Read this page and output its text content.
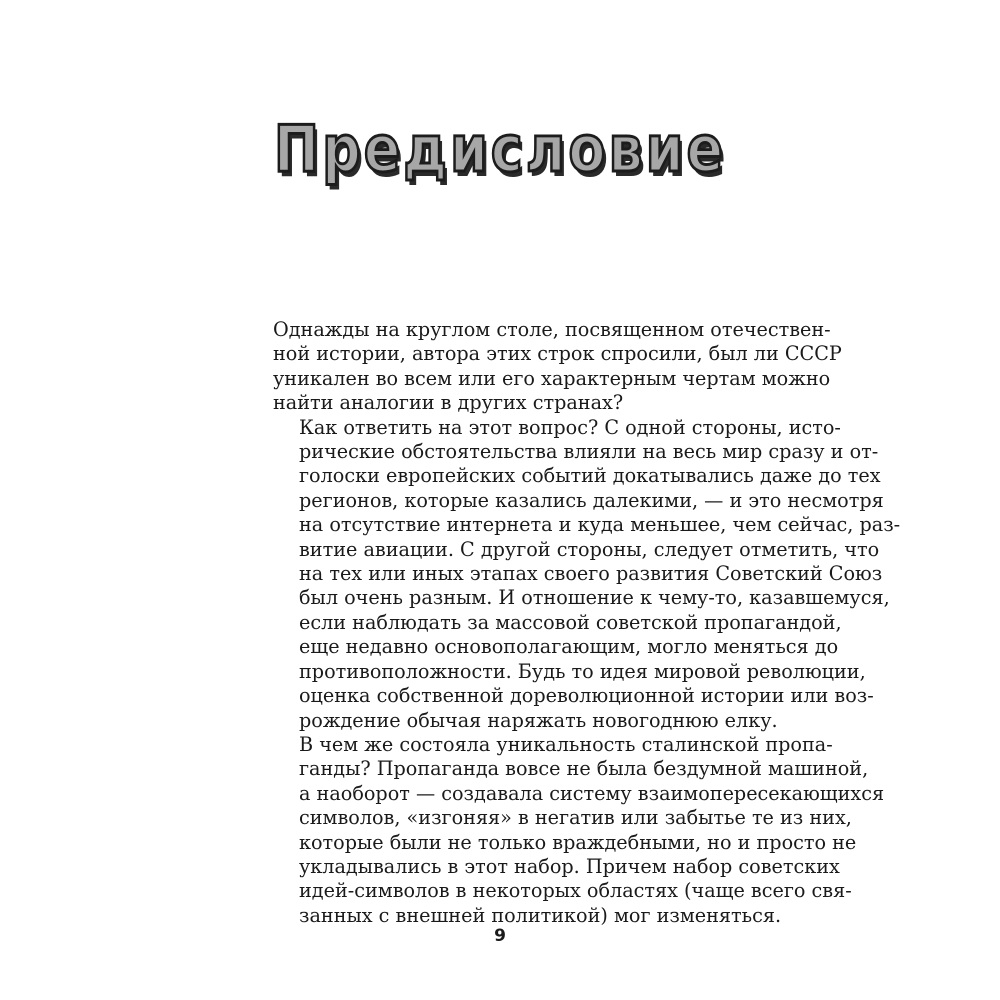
Предисловие

Однажды на круглом столе, посвященном отечествен-
ной истории, автора этих строк спросили, был ли СССР
уникален во всем или его характерным чертам можно
найти аналогии в других странах?

Как ответить на этот вопрос? С одной стороны, исто-
рические обстоятельства влияли на весь мир сразу и от-
голоски европейских событий докатывались даже до тех
регионов, которые казались далекими, — и это несмотря
на отсутствие интернета и куда меньшее, чем сейчас, раз-
витие авиации. С другой стороны, следует отметить, что
на тех или иных этапах своего развития Советский Союз
был очень разным. И отношение к чему-то, казавшемуся,
если наблюдать за массовой советской пропагандой,
еще недавно основополагающим, могло меняться до
противоположности. Будь то идея мировой революции,
оценка собственной дореволюционной истории или воз-
рождение обычая наряжать новогоднюю елку.

В чем же состояла уникальность сталинской пропа-
ганды? Пропаганда вовсе не была бездумной машиной,
а наоборот — создавала систему взаимопересекающихся
символов, «изгоняя» в негатив или забытье те из них,
которые были не только враждебными, но и просто не
укладывались в этот набор. Причем набор советских
идей-символов в некоторых областях (чаще всего свя-
занных с внешней политикой) мог изменяться.

9
